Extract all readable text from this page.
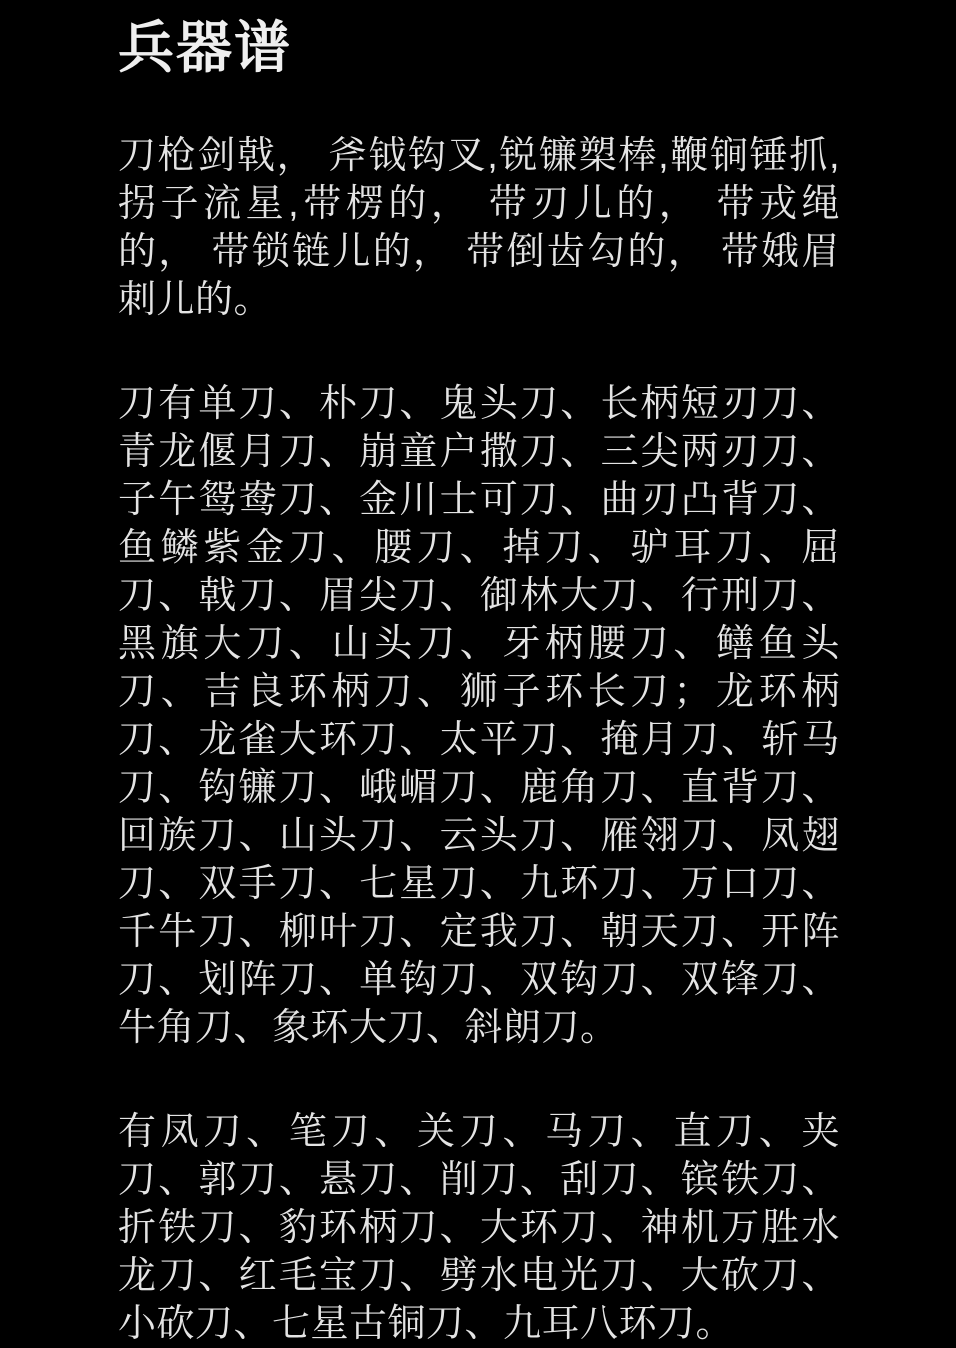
兵器谱

刀枪剑戟， 斧钺钩叉,锐镰槊棒,鞭锏锤抓,拐子流星,带楞的， 带刃儿的， 带戎绳的， 带锁链儿的， 带倒齿勾的， 带娥眉刺儿的。

刀有单刀、朴刀、鬼头刀、长柄短刃刀、青龙偃月刀、崩童户撒刀、三尖两刃刀、子午鸳鸯刀、金川士可刀、曲刃凸背刀、鱼鳞紫金刀、腰刀、掉刀、驴耳刀、屈刀、戟刀、眉尖刀、御林大刀、行刑刀、黑旗大刀、山头刀、牙柄腰刀、鳝鱼头刀、吉良环柄刀、狮子环长刀；龙环柄刀、龙雀大环刀、太平刀、掩月刀、斩马刀、钩镰刀、峨嵋刀、鹿角刀、直背刀、回族刀、山头刀、云头刀、雁翎刀、凤翅刀、双手刀、七星刀、九环刀、万口刀、千牛刀、柳叶刀、定我刀、朝天刀、开阵刀、划阵刀、单钩刀、双钩刀、双锋刀、牛角刀、象环大刀、斜朗刀。

有凤刀、笔刀、关刀、马刀、直刀、夹刀、郭刀、悬刀、削刀、刮刀、镔铁刀、折铁刀、豹环柄刀、大环刀、神机万胜水龙刀、红毛宝刀、劈水电光刀、大砍刀、小砍刀、七星古铜刀、九耳八环刀。
